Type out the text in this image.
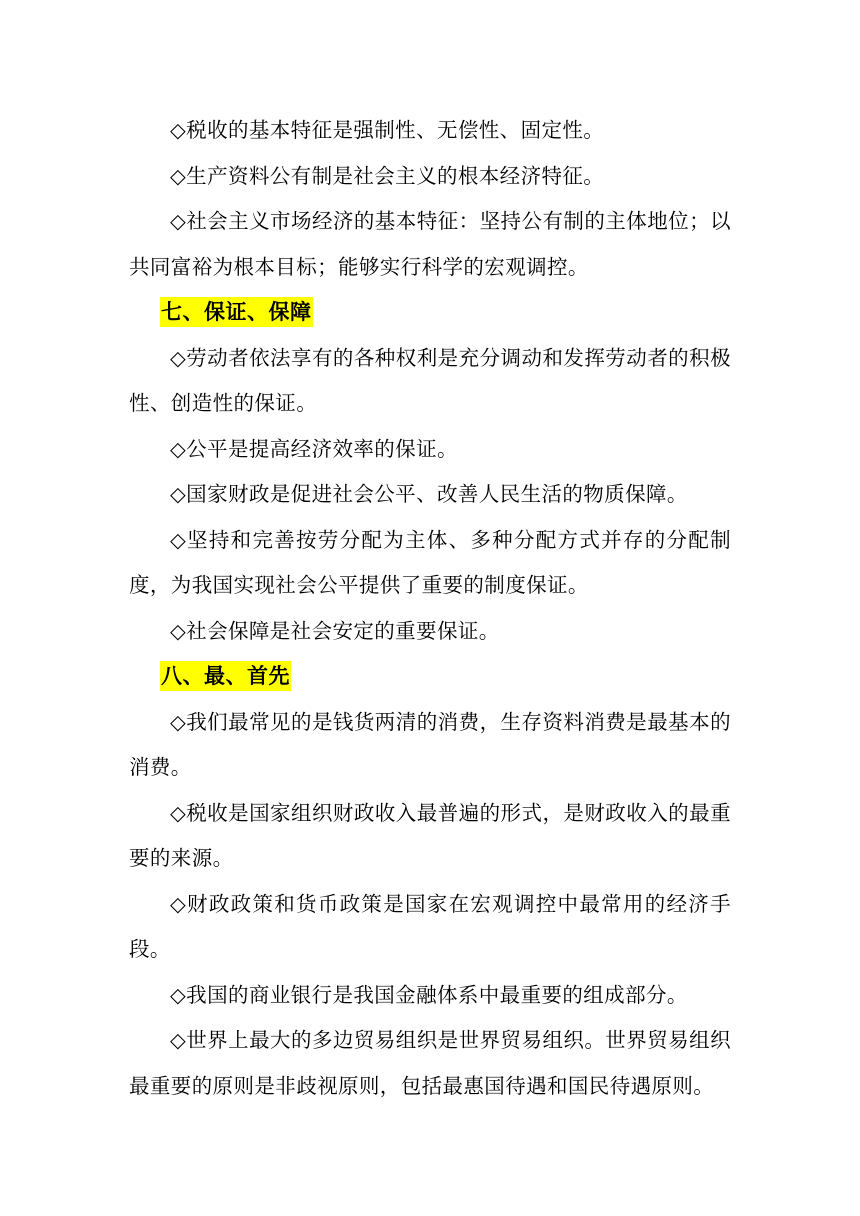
◇税收的基本特征是强制性、无偿性、固定性。

◇生产资料公有制是社会主义的根本经济特征。

◇社会主义市场经济的基本特征：坚持公有制的主体地位；以共同富裕为根本目标；能够实行科学的宏观调控。

七、保证、保障

◇劳动者依法享有的各种权利是充分调动和发挥劳动者的积极性、创造性的保证。

◇公平是提高经济效率的保证。

◇国家财政是促进社会公平、改善人民生活的物质保障。

◇坚持和完善按劳分配为主体、多种分配方式并存的分配制度，为我国实现社会公平提供了重要的制度保证。

◇社会保障是社会安定的重要保证。

八、最、首先

◇我们最常见的是钱货两清的消费，生存资料消费是最基本的消费。

◇税收是国家组织财政收入最普遍的形式，是财政收入的最重要的来源。

◇财政政策和货币政策是国家在宏观调控中最常用的经济手段。

◇我国的商业银行是我国金融体系中最重要的组成部分。

◇世界上最大的多边贸易组织是世界贸易组织。世界贸易组织最重要的原则是非歧视原则，包括最惠国待遇和国民待遇原则。
